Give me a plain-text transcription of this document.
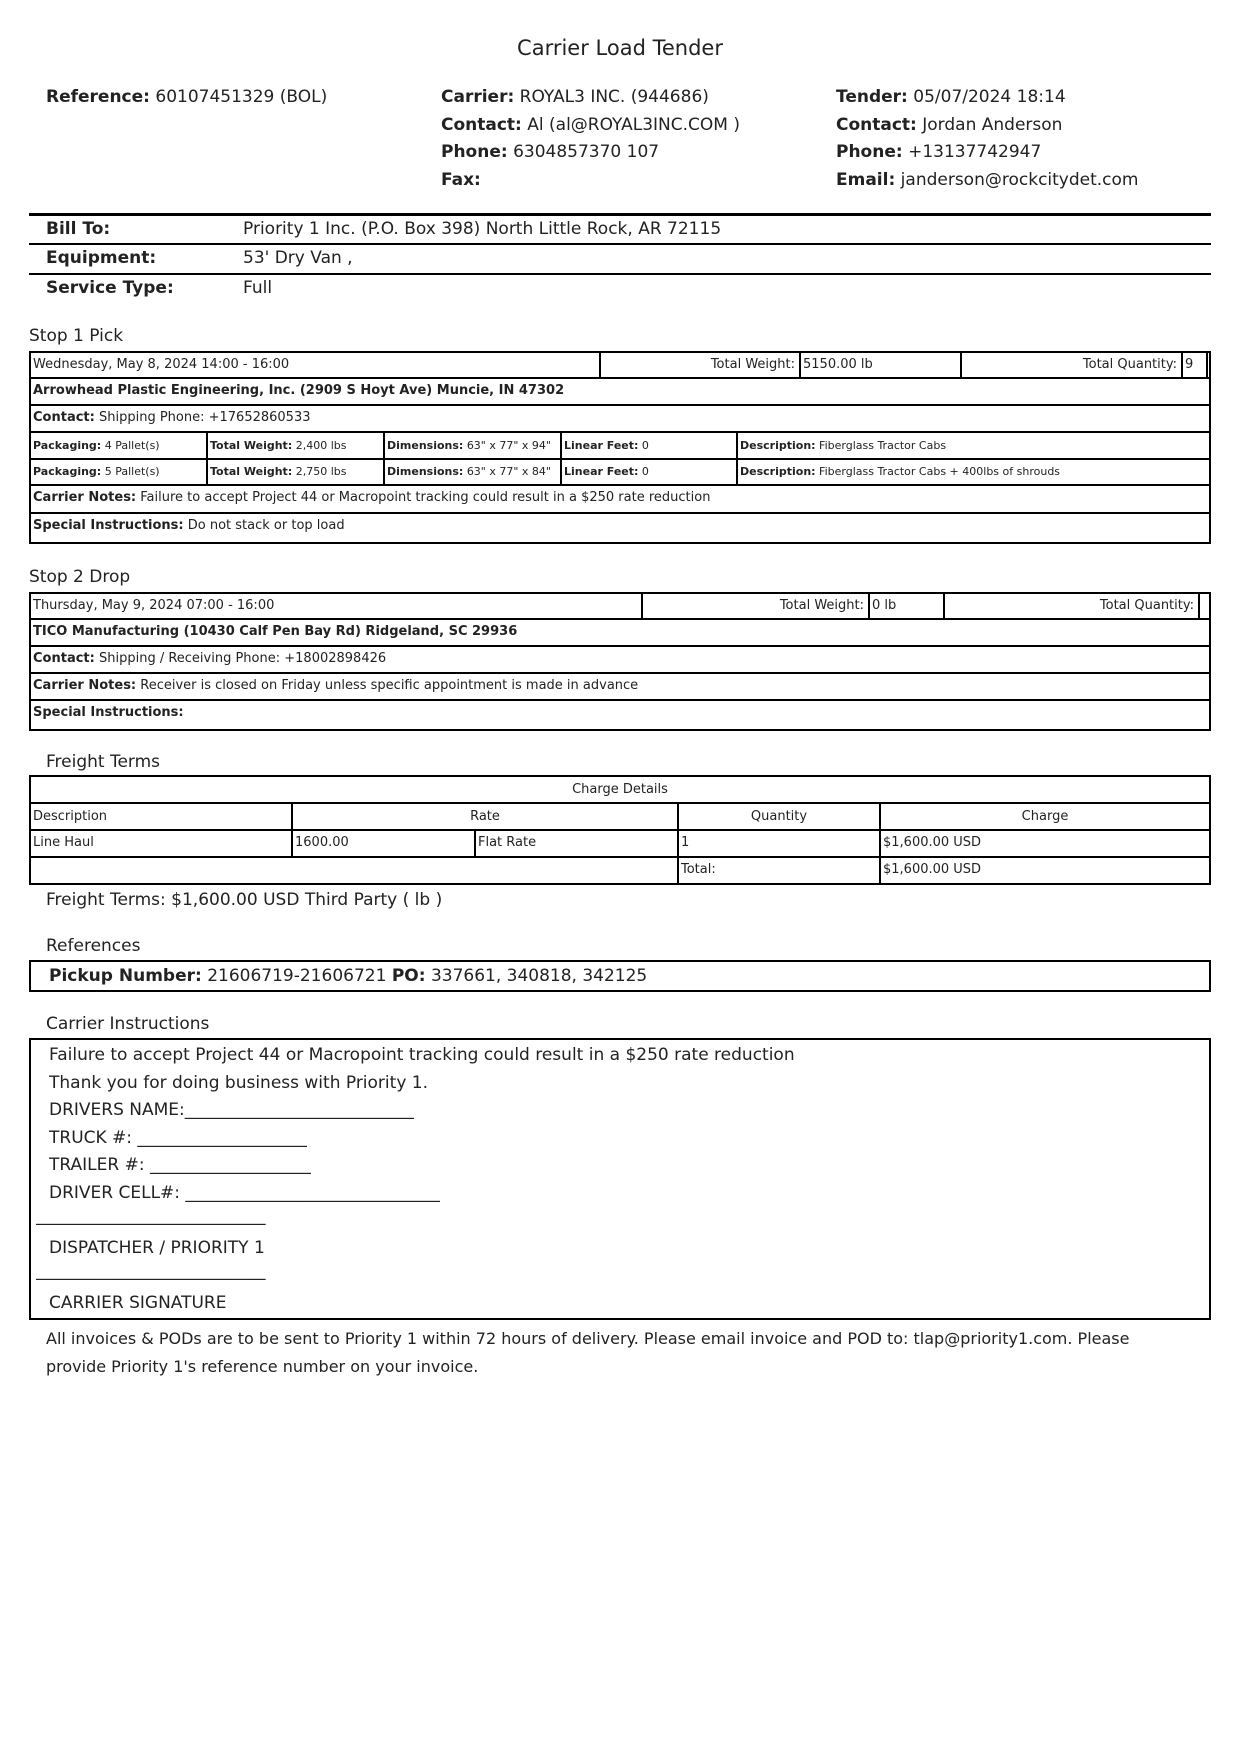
Carrier Load Tender
Reference: 60107451329 (BOL)	Carrier: ROYAL3 INC. (944686)
Contact: Al (al@ROYAL3INC.COM )
Phone: 6304857370 107
Fax:
Tender: 05/07/2024 18:14
Contact: Jordan Anderson
Phone: +13137742947
Email: janderson@rockcitydet.com
Bill To:	Priority 1 Inc. (P.O. Box 398) North Little Rock, AR 72115
Equipment:	53' Dry Van ,
Service Type:	Full
Stop 1 Pick
Wednesday, May 8, 2024 14:00 - 16:00	Total Weight: 5150.00 lb	Total Quantity: 9
Arrowhead Plastic Engineering, Inc. (2909 S Hoyt Ave) Muncie, IN 47302
Contact: Shipping Phone: +17652860533
Packaging: 4 Pallet(s)	Total Weight: 2,400 lbs	Dimensions: 63" x 77" x 94" Linear Feet: 0	Description: Fiberglass Tractor Cabs
Packaging: 5 Pallet(s)	Total Weight: 2,750 lbs	Dimensions: 63" x 77" x 84" Linear Feet: 0	Description: Fiberglass Tractor Cabs + 400lbs of shrouds
Carrier Notes: Failure to accept Project 44 or Macropoint tracking could result in a $250 rate reduction
Special Instructions: Do not stack or top load
Stop 2 Drop
Thursday, May 9, 2024 07:00 - 16:00	Total Weight: 0 lb	Total Quantity:
TICO Manufacturing (10430 Calf Pen Bay Rd) Ridgeland, SC 29936
Contact: Shipping / Receiving Phone: +18002898426
Carrier Notes: Receiver is closed on Friday unless specific appointment is made in advance
Special Instructions:
Freight Terms
Charge Details
Description	Rate	Quantity	Charge
Line Haul	1600.00	Flat Rate	1	$1,600.00 USD
Total:	$1,600.00 USD
Freight Terms: $1,600.00 USD Third Party ( lb )
References
Pickup Number: 21606719-21606721 PO: 337661, 340818, 342125
Carrier Instructions
Failure to accept Project 44 or Macropoint tracking could result in a $250 rate reduction
Thank you for doing business with Priority 1.
DRIVERS NAME:___________________________
TRUCK #: ____________________
TRAILER #: ___________________
DRIVER CELL#: ______________________________
___________________________
DISPATCHER / PRIORITY 1
___________________________
CARRIER SIGNATURE
All invoices & PODs are to be sent to Priority 1 within 72 hours of delivery. Please email invoice and POD to: tlap@priority1.com. Please
provide Priority 1's reference number on your invoice.
